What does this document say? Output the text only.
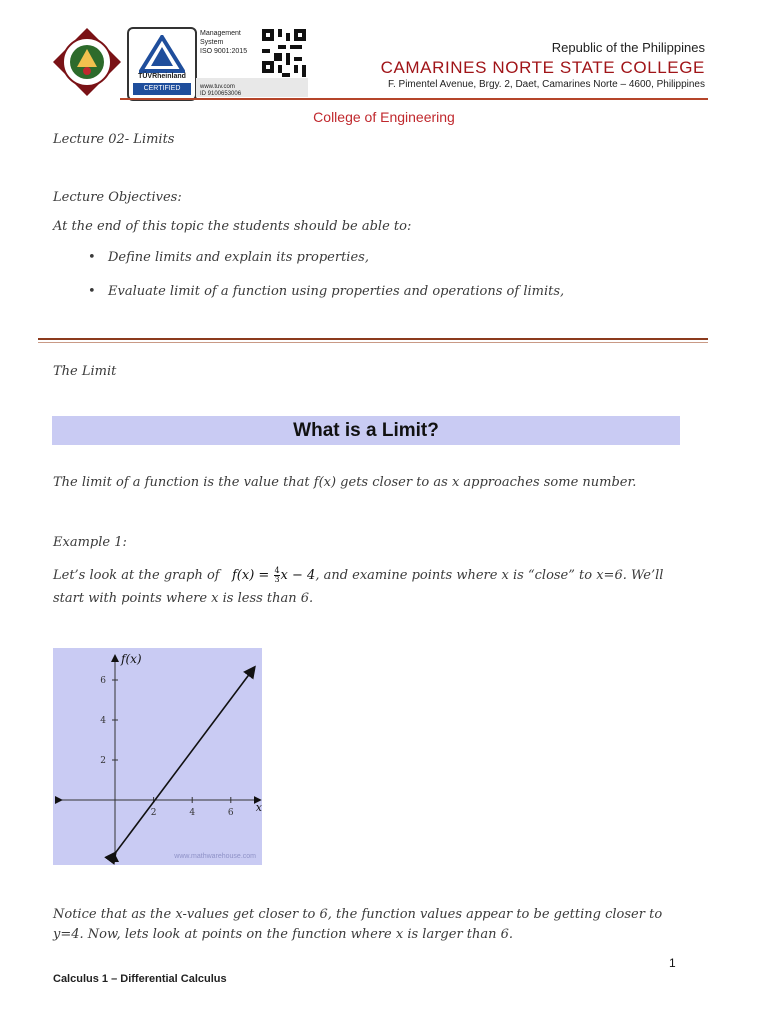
TÜVRheinland
CERTIFIED
Management
System
ISO 9001:2015
www.tuv.com
ID 9100653006
Republic of the Philippines
CAMARINES NORTE STATE COLLEGE
F. Pimentel Avenue, Brgy. 2, Daet, Camarines Norte – 4600, Philippines
College of Engineering
Lecture 02- Limits
Lecture Objectives:
At the end of this topic the students should be able to:
• Define limits and explain its properties,
• Evaluate limit of a function using properties and operations of limits,
The Limit
What is a Limit?
The limit of a function is the value that f(x) gets closer to as x approaches some number.
Example 1:
Let’s look at the graph of $f(x) = \frac{4}{3}$ x − 4, and examine points where x is “close” to x=6. We’ll
start with points where x is less than 6.
2	4	6
2
4
6
f(x)
x
www.mathwarehouse.com
Notice that as the x-values get closer to 6, the function values appear to be getting closer to
y=4. Now, lets look at points on the function where x is larger than 6.
1
Calculus 1 – Differential Calculus
